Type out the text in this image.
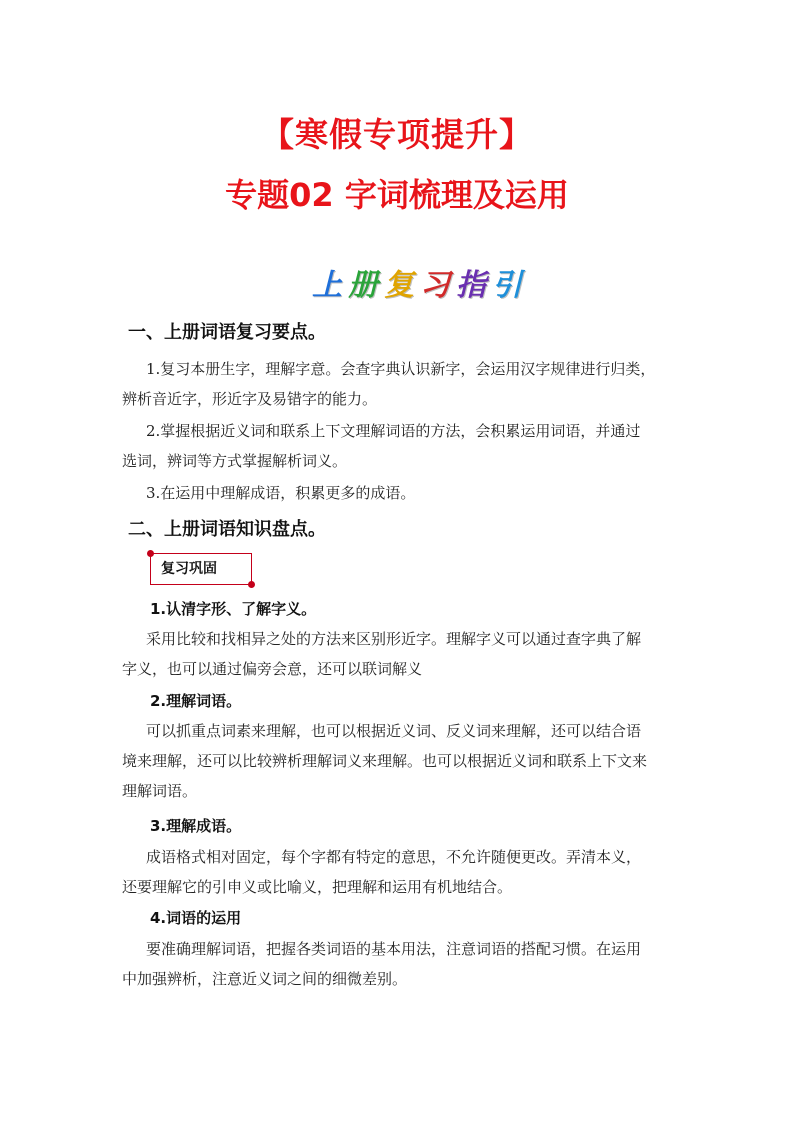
【寒假专项提升】
专题02 字词梳理及运用
上 册 复 习 指 引
一、上册词语复习要点。
1.复习本册生字，理解字意。会查字典认识新字，会运用汉字规律进行归类，
辨析音近字，形近字及易错字的能力。
2.掌握根据近义词和联系上下文理解词语的方法，会积累运用词语，并通过
选词，辨词等方式掌握解析词义。
3.在运用中理解成语，积累更多的成语。
二、上册词语知识盘点。
复习巩固
1.认清字形、了解字义。
采用比较和找相异之处的方法来区别形近字。理解字义可以通过查字典了解
字义，也可以通过偏旁会意，还可以联词解义
2.理解词语。
可以抓重点词素来理解，也可以根据近义词、反义词来理解，还可以结合语
境来理解，还可以比较辨析理解词义来理解。也可以根据近义词和联系上下文来
理解词语。
3.理解成语。
成语格式相对固定，每个字都有特定的意思，不允许随便更改。弄清本义，
还要理解它的引申义或比喻义，把理解和运用有机地结合。
4.词语的运用
要准确理解词语，把握各类词语的基本用法，注意词语的搭配习惯。在运用
中加强辨析，注意近义词之间的细微差别。
